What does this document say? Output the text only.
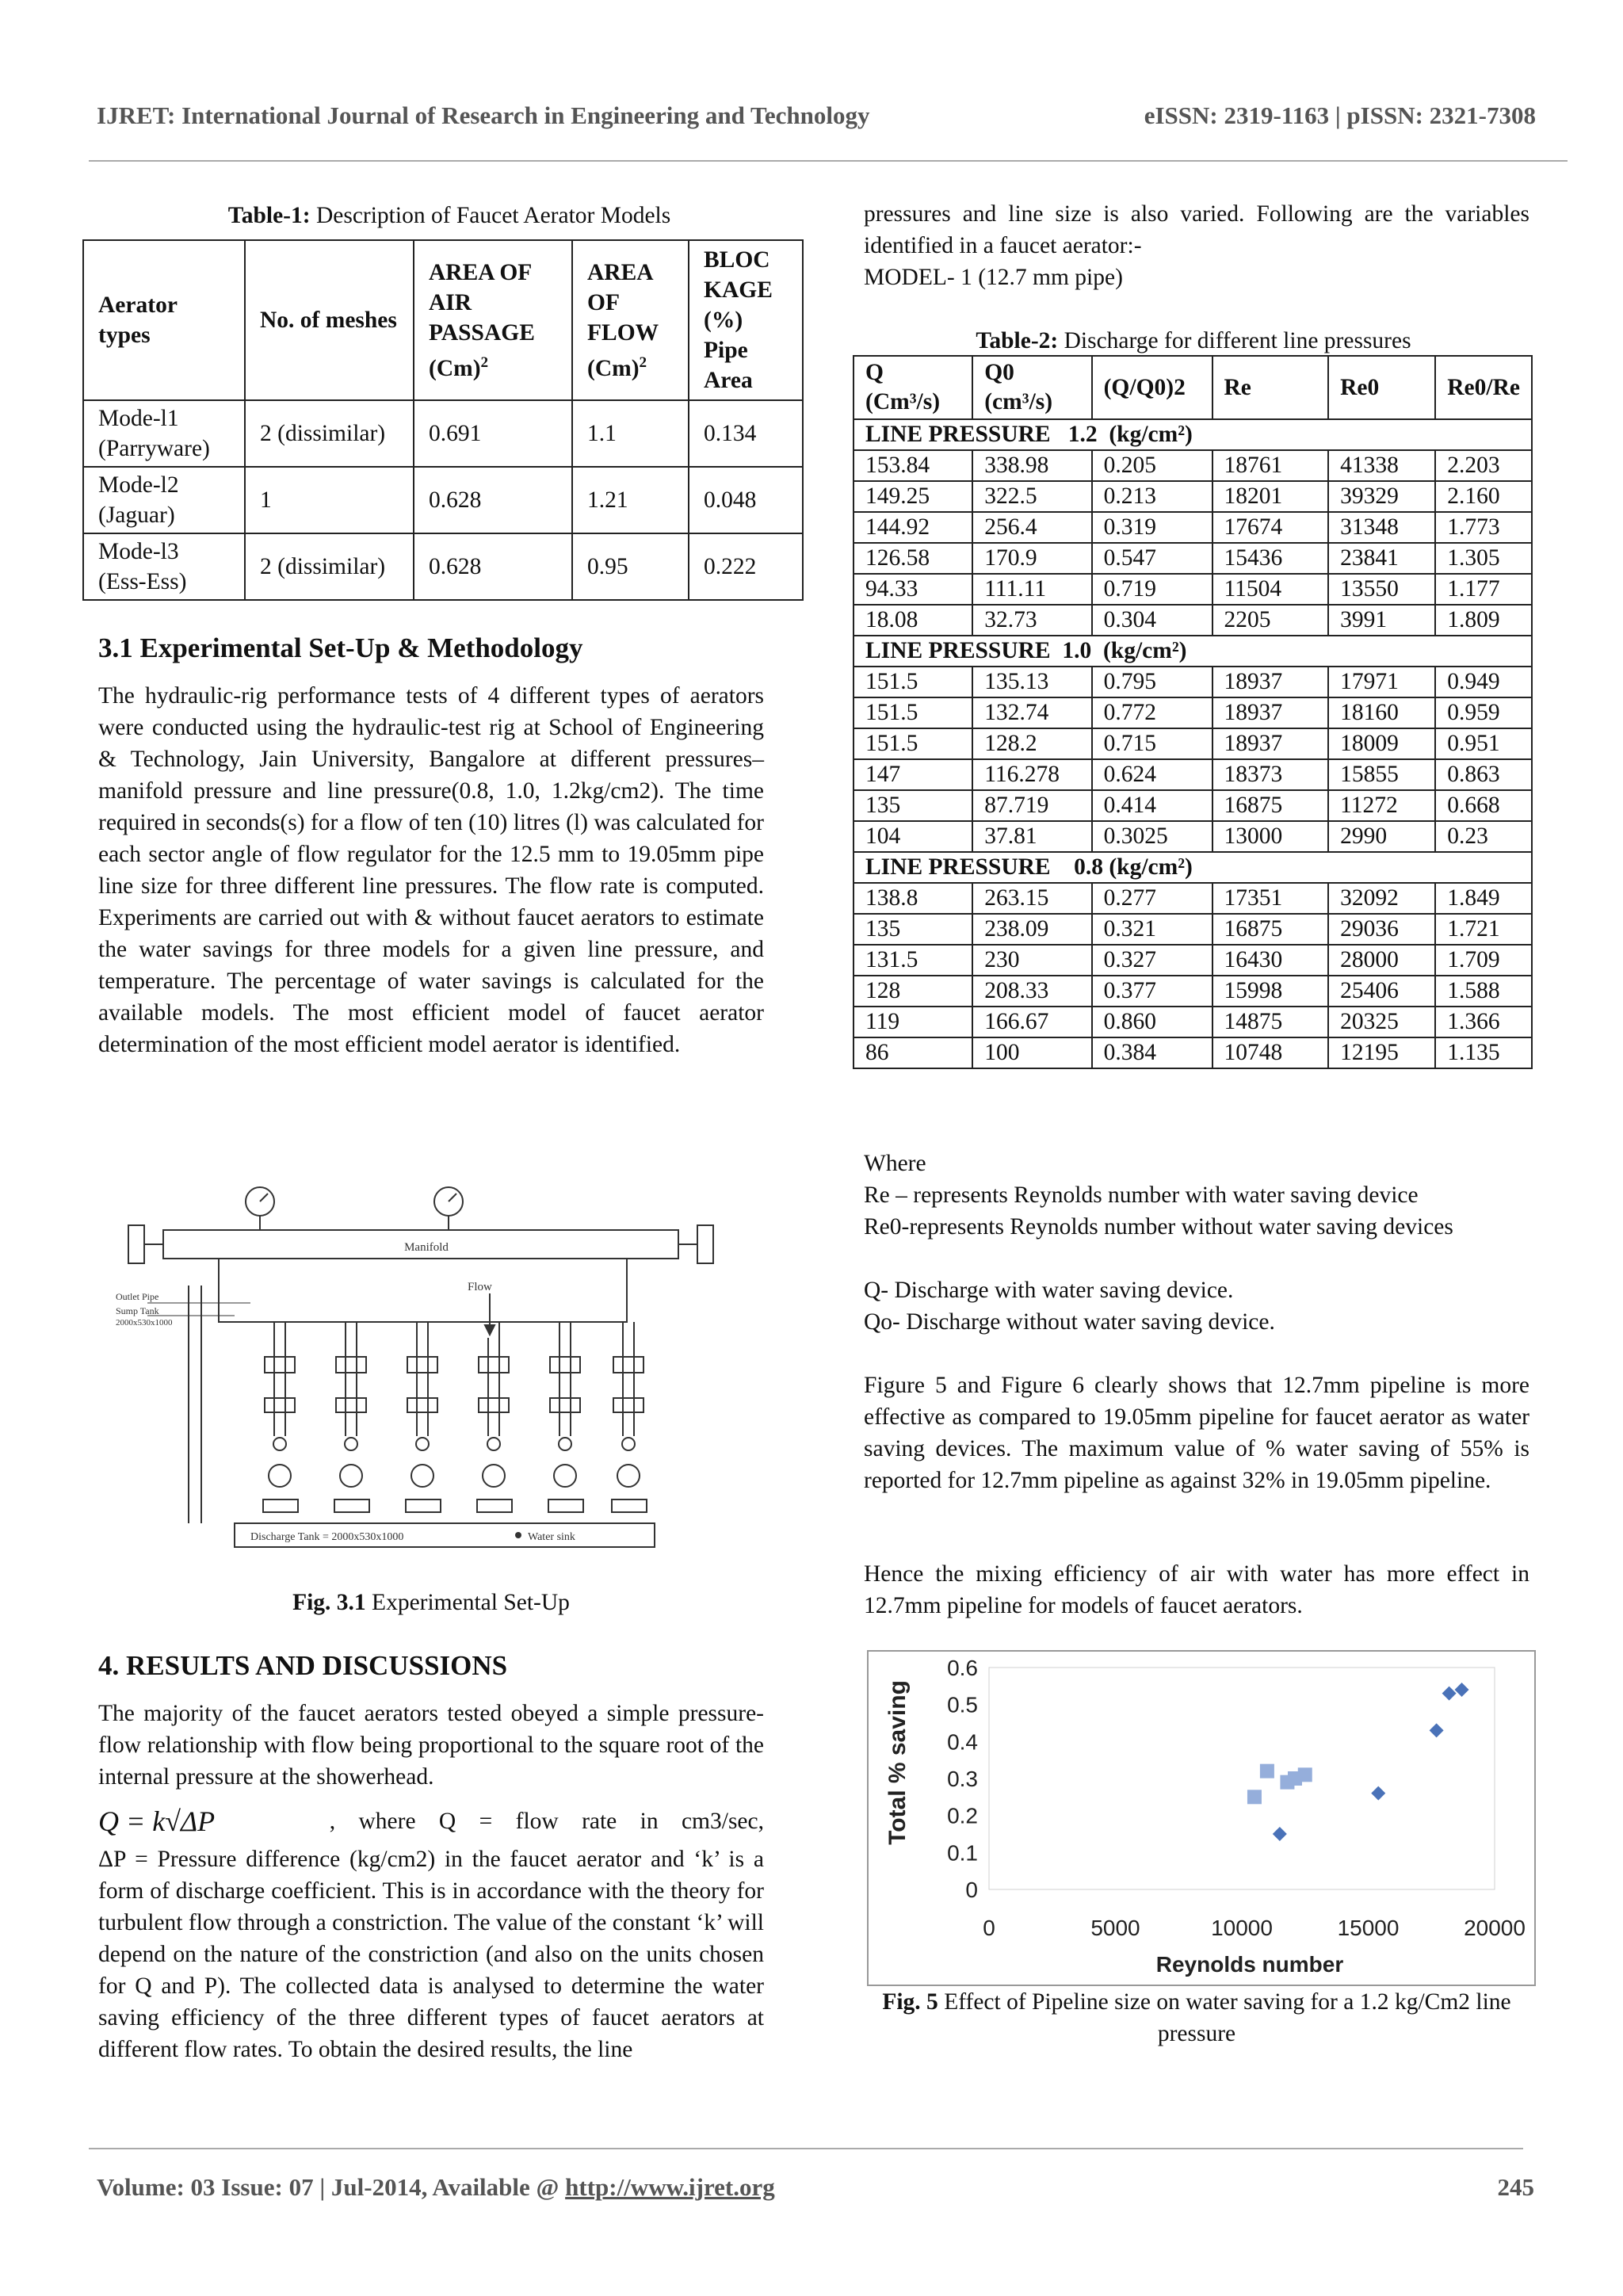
IJRET: International Journal of Research in Engineering and Technology	eISSN: 2319-1163 | pISSN: 2321-7308
Table-1: Description of Faucet Aerator Models
Aerator types	No. of meshes	AREA OF AIR PASSAGE $(Cm)^2$	AREA OF FLOW $(Cm)^2$	BLOC KAGE (%) Pipe Area
Mode-l1 (Parryware)	2 (dissimilar)	0.691	1.1	0.134
Mode-l2 (Jaguar)	1	0.628	1.21	0.048
Mode-l3 (Ess-Ess)	2 (dissimilar)	0.628	0.95	0.222
3.1 Experimental Set-Up & Methodology
The hydraulic-rig performance tests of 4 different types of aerators were conducted using the hydraulic-test rig at School of Engineering & Technology, Jain University, Bangalore at different pressures–manifold pressure and line pressure(0.8, 1.0, 1.2kg/cm2). The time required in seconds(s) for a flow of ten (10) litres (l) was calculated for each sector angle of flow regulator for the 12.5 mm to 19.05mm pipe line size for three different line pressures. The flow rate is computed. Experiments are carried out with & without faucet aerators to estimate the water savings for three models for a given line pressure, and temperature. The percentage of water savings is calculated for the available models. The most efficient model of faucet aerator determination of the most efficient model aerator is identified.
Manifold
Flow
Outlet Pipe
Sump Tank
2000x530x1000
Discharge Tank = 2000x530x1000	Water sink
Fig. 3.1 Experimental Set-Up
4. RESULTS AND DISCUSSIONS
The majority of the faucet aerators tested obeyed a simple pressure-flow relationship with flow being proportional to the square root of the internal pressure at the showerhead.
Q = k√ΔP	, where Q = flow rate in cm3/sec,
ΔP = Pressure difference (kg/cm2) in the faucet aerator and ‘k’ is a form of discharge coefficient. This is in accordance with the theory for turbulent flow through a constriction. The value of the constant ‘k’ will depend on the nature of the constriction (and also on the units chosen for Q and P). The collected data is analysed to determine the water saving efficiency of the three different types of faucet aerators at different flow rates. To obtain the desired results, the line
pressures and line size is also varied. Following are the variables identified in a faucet aerator:-
MODEL- 1 (12.7 mm pipe)
Table-2: Discharge for different line pressures
Q (Cm³/s)	Q0 (cm³/s)	(Q/Q0)2	Re	Re0	Re0/Re
LINE PRESSURE   1.2  (kg/cm²)					
153.84	338.98	0.205	18761	41338	2.203
149.25	322.5	0.213	18201	39329	2.160
144.92	256.4	0.319	17674	31348	1.773
126.58	170.9	0.547	15436	23841	1.305
94.33	111.11	0.719	11504	13550	1.177
18.08	32.73	0.304	2205	3991	1.809
LINE PRESSURE  1.0  (kg/cm²)					
151.5	135.13	0.795	18937	17971	0.949
151.5	132.74	0.772	18937	18160	0.959
151.5	128.2	0.715	18937	18009	0.951
147	116.278	0.624	18373	15855	0.863
135	87.719	0.414	16875	11272	0.668
104	37.81	0.3025	13000	2990	0.23
LINE PRESSURE    0.8 (kg/cm²)					
138.8	263.15	0.277	17351	32092	1.849
135	238.09	0.321	16875	29036	1.721
131.5	230	0.327	16430	28000	1.709
128	208.33	0.377	15998	25406	1.588
119	166.67	0.860	14875	20325	1.366
86	100	0.384	10748	12195	1.135
Where
Re – represents Reynolds number with water saving device
Re0-represents Reynolds number without water saving devices
Q- Discharge with water saving device.
Qo- Discharge without water saving device.
Figure 5 and Figure 6 clearly shows that 12.7mm pipeline is more effective as compared to 19.05mm pipeline for faucet aerator as water saving devices. The maximum value of % water saving of 55% is reported for 12.7mm pipeline as against 32% in 19.05mm pipeline.
Hence the mixing efficiency of air with water has more effect in 12.7mm pipeline for models of faucet aerators.
0
0.1
0.2
0.3
0.4
0.5
0.6
0	5000	10000	15000	20000
Reynolds number
Total % saving
Fig. 5 Effect of Pipeline size on water saving for a 1.2 kg/Cm2 line pressure
Volume: 03 Issue: 07 | Jul-2014, Available @ http://www.ijret.org	245
